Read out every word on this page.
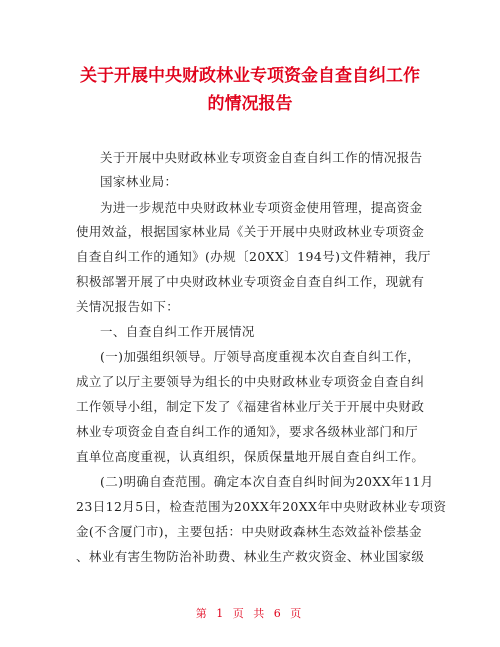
关于开展中央财政林业专项资金自查自纠工作
的情况报告
关于开展中央财政林业专项资金自查自纠工作的情况报告
国家林业局：
为进一步规范中央财政林业专项资金使用管理，提高资金
使用效益，根据国家林业局《关于开展中央财政林业专项资金
自查自纠工作的通知》(办规〔20XX〕194号)文件精神，我厅
积极部署开展了中央财政林业专项资金自查自纠工作，现就有
关情况报告如下：
一、自查自纠工作开展情况
(一)加强组织领导。厅领导高度重视本次自查自纠工作，
成立了以厅主要领导为组长的中央财政林业专项资金自查自纠
工作领导小组，制定下发了《福建省林业厅关于开展中央财政
林业专项资金自查自纠工作的通知》，要求各级林业部门和厅
直单位高度重视，认真组织，保质保量地开展自查自纠工作。
(二)明确自查范围。确定本次自查自纠时间为20XX年11月
23日12月5日，检查范围为20XX年20XX年中央财政林业专项资
金(不含厦门市)，主要包括：中央财政森林生态效益补偿基金
、林业有害生物防治补助费、林业生产救灾资金、林业国家级
第 1 页 共 6 页
